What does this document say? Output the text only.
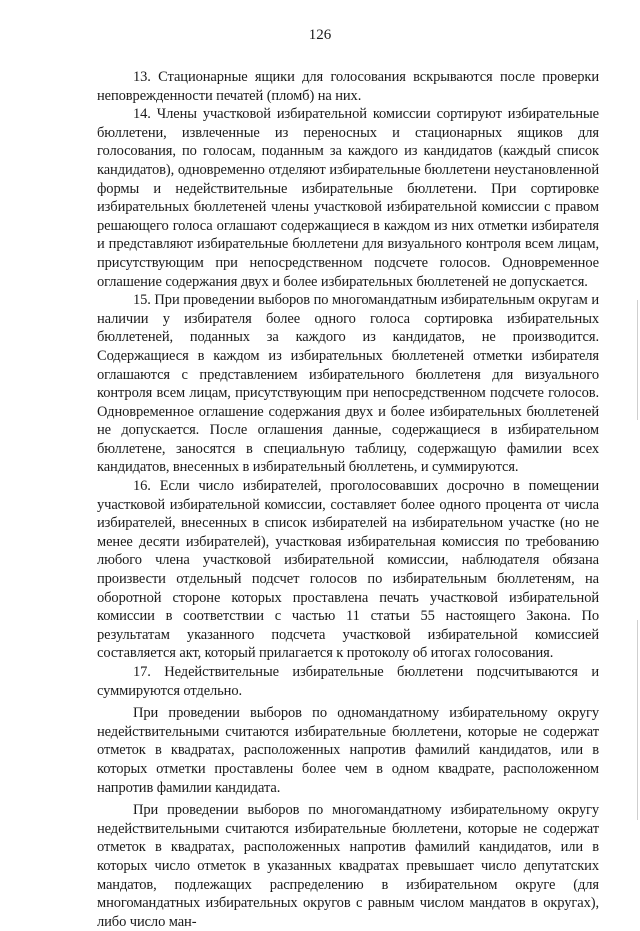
126

13. Стационарные ящики для голосования вскрываются после проверки неповрежденности печатей (пломб) на них.

14. Члены участковой избирательной комиссии сортируют избирательные бюллетени, извлеченные из переносных и стационарных ящиков для голосования, по голосам, поданным за каждого из кандидатов (каждый список кандидатов), одновременно отделяют избирательные бюллетени неустановленной формы и недействительные избирательные бюллетени. При сортировке избирательных бюллетеней члены участковой избирательной комиссии с правом решающего голоса оглашают содержащиеся в каждом из них отметки избирателя и представляют избирательные бюллетени для визуального контроля всем лицам, присутствующим при непосредственном подсчете голосов. Одновременное оглашение содержания двух и более избирательных бюллетеней не допускается.

15. При проведении выборов по многомандатным избирательным округам и наличии у избирателя более одного голоса сортировка избирательных бюллетеней, поданных за каждого из кандидатов, не производится. Содержащиеся в каждом из избирательных бюллетеней отметки избирателя оглашаются с представлением избирательного бюллетеня для визуального контроля всем лицам, присутствующим при непосредственном подсчете голосов. Одновременное оглашение содержания двух и более избирательных бюллетеней не допускается. После оглашения данные, содержащиеся в избирательном бюллетене, заносятся в специальную таблицу, содержащую фамилии всех кандидатов, внесенных в избирательный бюллетень, и суммируются.

16. Если число избирателей, проголосовавших досрочно в помещении участковой избирательной комиссии, составляет более одного процента от числа избирателей, внесенных в список избирателей на избирательном участке (но не менее десяти избирателей), участковая избирательная комиссия по требованию любого члена участковой избирательной комиссии, наблюдателя обязана произвести отдельный подсчет голосов по избирательным бюллетеням, на оборотной стороне которых проставлена печать участковой избирательной комиссии в соответствии с частью 11 статьи 55 настоящего Закона. По результатам указанного подсчета участковой избирательной комиссией составляется акт, который прилагается к протоколу об итогах голосования.

17. Недействительные избирательные бюллетени подсчитываются и суммируются отдельно.

При проведении выборов по одномандатному избирательному округу недействительными считаются избирательные бюллетени, которые не содержат отметок в квадратах, расположенных напротив фамилий кандидатов, или в которых отметки проставлены более чем в одном квадрате, расположенном напротив фамилии кандидата.

При проведении выборов по многомандатному избирательному округу недействительными считаются избирательные бюллетени, которые не содержат отметок в квадратах, расположенных напротив фамилий кандидатов, или в которых число отметок в указанных квадратах превышает число депутатских мандатов, подлежащих распределению в избирательном округе (для многомандатных избирательных округов с равным числом мандатов в округах), либо число ман-
